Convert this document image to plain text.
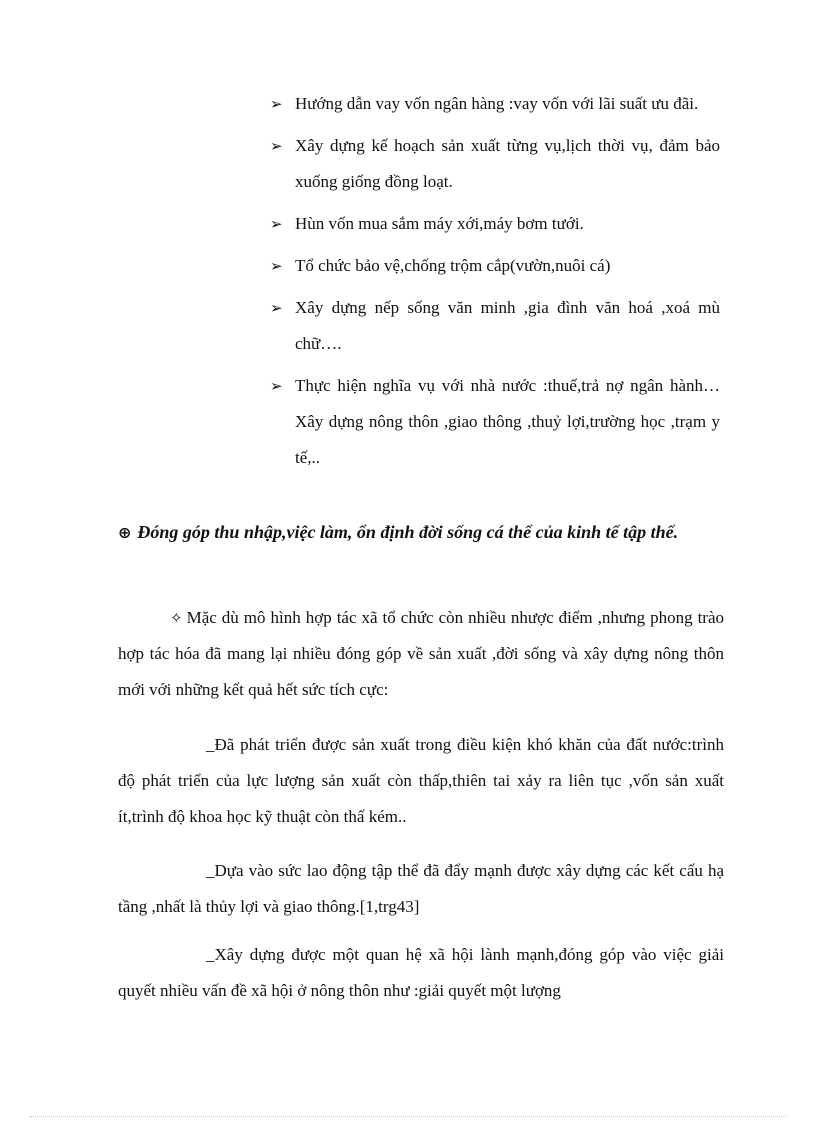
➢ Hướng dẫn vay vốn ngân hàng :vay vốn với lãi suất ưu đãi.
➢ Xây dựng kế hoạch sản xuất từng vụ,lịch thời vụ, đảm bảo xuống giống đồng loạt.
➢ Hùn vốn mua sắm máy xới,máy bơm tưới.
➢ Tổ chức bảo vệ,chống trộm cắp(vườn,nuôi cá)
➢ Xây dựng nếp sống văn minh ,gia đình văn hoá ,xoá mù chữ….
➢ Thực hiện nghĩa vụ với nhà nước :thuế,trả nợ ngân hành…Xây dựng nông thôn ,giao thông ,thuỷ lợi,trường học ,trạm y tế,..
⊕ Đóng góp thu nhập,việc làm, ổn định đời sống cá thể của kinh tế tập thể.
✧ Mặc dù mô hình hợp tác xã tổ chức còn nhiều nhược điểm ,nhưng phong trào hợp tác hóa đã mang lại nhiều đóng góp về sản xuất ,đời sống và xây dựng nông thôn mới với những kết quả hết sức tích cực:
_Đã phát triển được sản xuất trong điều kiện khó khăn của đất nước:trình độ phát triển của lực lượng sản xuất còn thấp,thiên tai xảy ra liên tục ,vốn sản xuất ít,trình độ khoa học kỹ thuật còn thấ kém..
_Dựa vào sức lao động tập thể đã đẩy mạnh được xây dựng các kết cấu hạ tầng ,nhất là thủy lợi và giao thông.[1,trg43]
_Xây dựng được một quan hệ xã hội lành mạnh,đóng góp vào việc giải quyết nhiều vấn đề xã hội ở nông thôn như :giải quyết một lượng
